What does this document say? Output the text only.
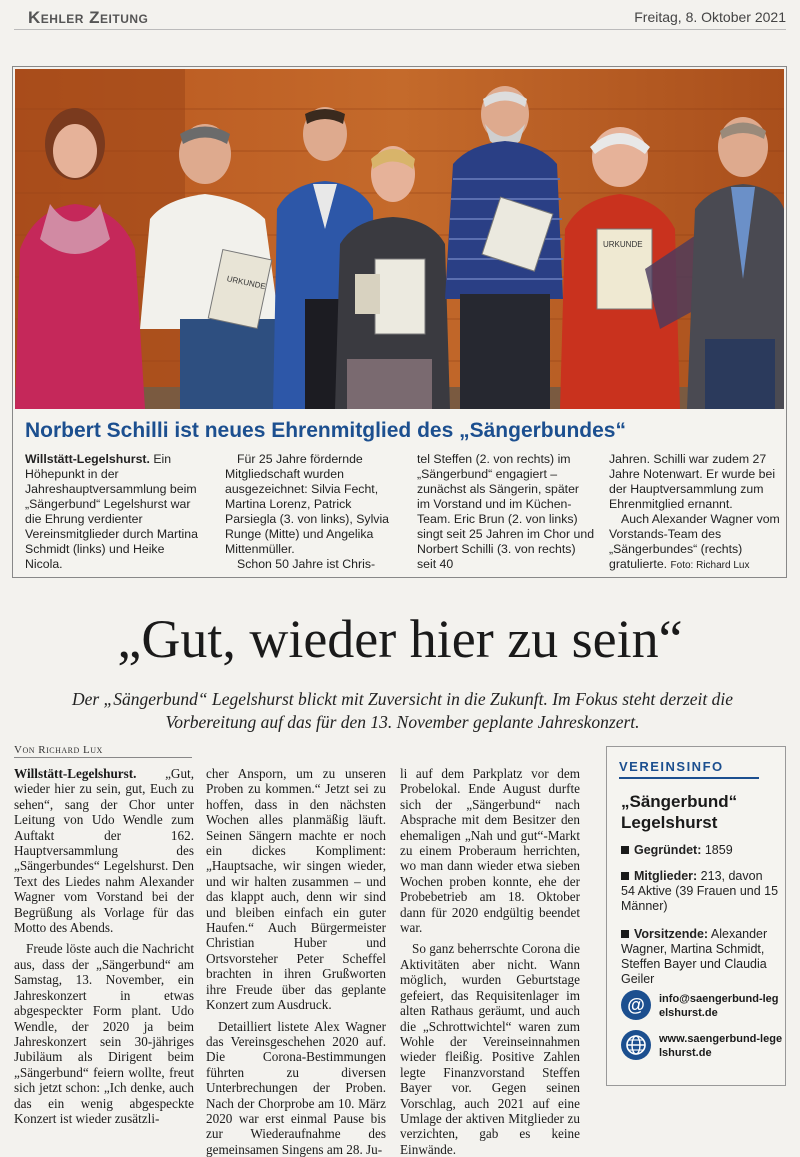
Kehler Zeitung	Freitag, 8. Oktober 2021
URKUNDE
URKUNDE
Norbert Schilli ist neues Ehrenmitglied des „Sängerbundes“
Willstätt-Legelshurst. Ein Höhepunkt in der Jahreshauptversammlung beim „Sängerbund“ Legelshurst war die Ehrung verdienter Vereinsmitglieder durch Martina Schmidt (links) und Heike Nicola.
Für 25 Jahre fördernde Mitgliedschaft wurden ausgezeichnet: Silvia Fecht, Martina Lorenz, Patrick Parsiegla (3. von links), Sylvia Runge (Mitte) und Angelika Mittenmüller.
Schon 50 Jahre ist Chris-
tel Steffen (2. von rechts) im „Sängerbund“ engagiert – zunächst als Sängerin, später im Vorstand und im Küchen-Team. Eric Brun (2. von links) singt seit 25 Jahren im Chor und Norbert Schilli (3. von rechts) seit 40
Jahren. Schilli war zudem 27 Jahre Notenwart. Er wurde bei der Hauptversammlung zum Ehrenmitglied ernannt.
Auch Alexander Wagner vom Vorstands-Team des „Sängerbundes“ (rechts) gratulierte. Foto: Richard Lux
„Gut, wieder hier zu sein“
Der „Sängerbund“ Legelshurst blickt mit Zuversicht in die Zukunft. Im Fokus steht derzeit die Vorbereitung auf das für den 13. November geplante Jahreskonzert.
Von Richard Lux

Willstätt-Legelshurst. „Gut, wieder hier zu sein, gut, Euch zu sehen“, sang der Chor unter Leitung von Udo Wendle zum Auftakt der 162. Hauptversammlung des „Sängerbundes“ Legelshurst. Den Text des Liedes nahm Alexander Wagner vom Vorstand bei der Begrüßung als Vorlage für das Motto des Abends.

Freude löste auch die Nachricht aus, dass der „Sängerbund“ am Samstag, 13. November, ein Jahreskonzert in etwas abgespeckter Form plant. Udo Wendle, der 2020 ja beim Jahreskonzert sein 30-jähriges Jubiläum als Dirigent beim „Sängerbund“ feiern wollte, freut sich jetzt schon: „Ich denke, auch das ein wenig abgespeckte Konzert ist wieder zusätzli-

cher Ansporn, um zu unseren Proben zu kommen.“ Jetzt sei zu hoffen, dass in den nächsten Wochen alles planmäßig läuft. Seinen Sängern machte er noch ein dickes Kompliment: „Hauptsache, wir singen wieder, und wir halten zusammen – und das klappt auch, denn wir sind und bleiben einfach ein guter Haufen.“ Auch Bürgermeister Christian Huber und Ortsvorsteher Peter Scheffel brachten in ihren Grußworten ihre Freude über das geplante Konzert zum Ausdruck.

Detailliert listete Alex Wagner das Vereinsgeschehen 2020 auf. Die Corona-Bestimmungen führten zu diversen Unterbrechungen der Proben. Nach der Chorprobe am 10. März 2020 war erst einmal Pause bis zur Wiederaufnahme des gemeinsamen Singens am 28. Ju-

li auf dem Parkplatz vor dem Probelokal. Ende August durfte sich der „Sängerbund“ nach Absprache mit dem Besitzer den ehemaligen „Nah und gut“-Markt zu einem Proberaum herrichten, wo man dann wieder etwa sieben Wochen proben konnte, ehe der Probebetrieb am 18. Oktober dann für 2020 endgültig beendet war.

So ganz beherrschte Corona die Aktivitäten aber nicht. Wann möglich, wurden Geburtstage gefeiert, das Requisitenlager im alten Rathaus geräumt, und auch die „Schrottwichtel“ waren zum Wohle der Vereinseinnahmen wieder fleißig. Positive Zahlen legte Finanzvorstand Steffen Bayer vor. Gegen seinen Vorschlag, auch 2021 auf eine Umlage der aktiven Mitglieder zu verzichten, gab es keine Einwände.

VEREINSINFO
„Sängerbund“ Legelshurst
Gegründet: 1859
Mitglieder: 213, davon 54 Aktive (39 Frauen und 15 Männer)
Vorsitzende: Alexander Wagner, Martina Schmidt, Steffen Bayer und Claudia Geiler
@ info@saengerbund-legelshurst.de
www.saengerbund-legelshurst.de
